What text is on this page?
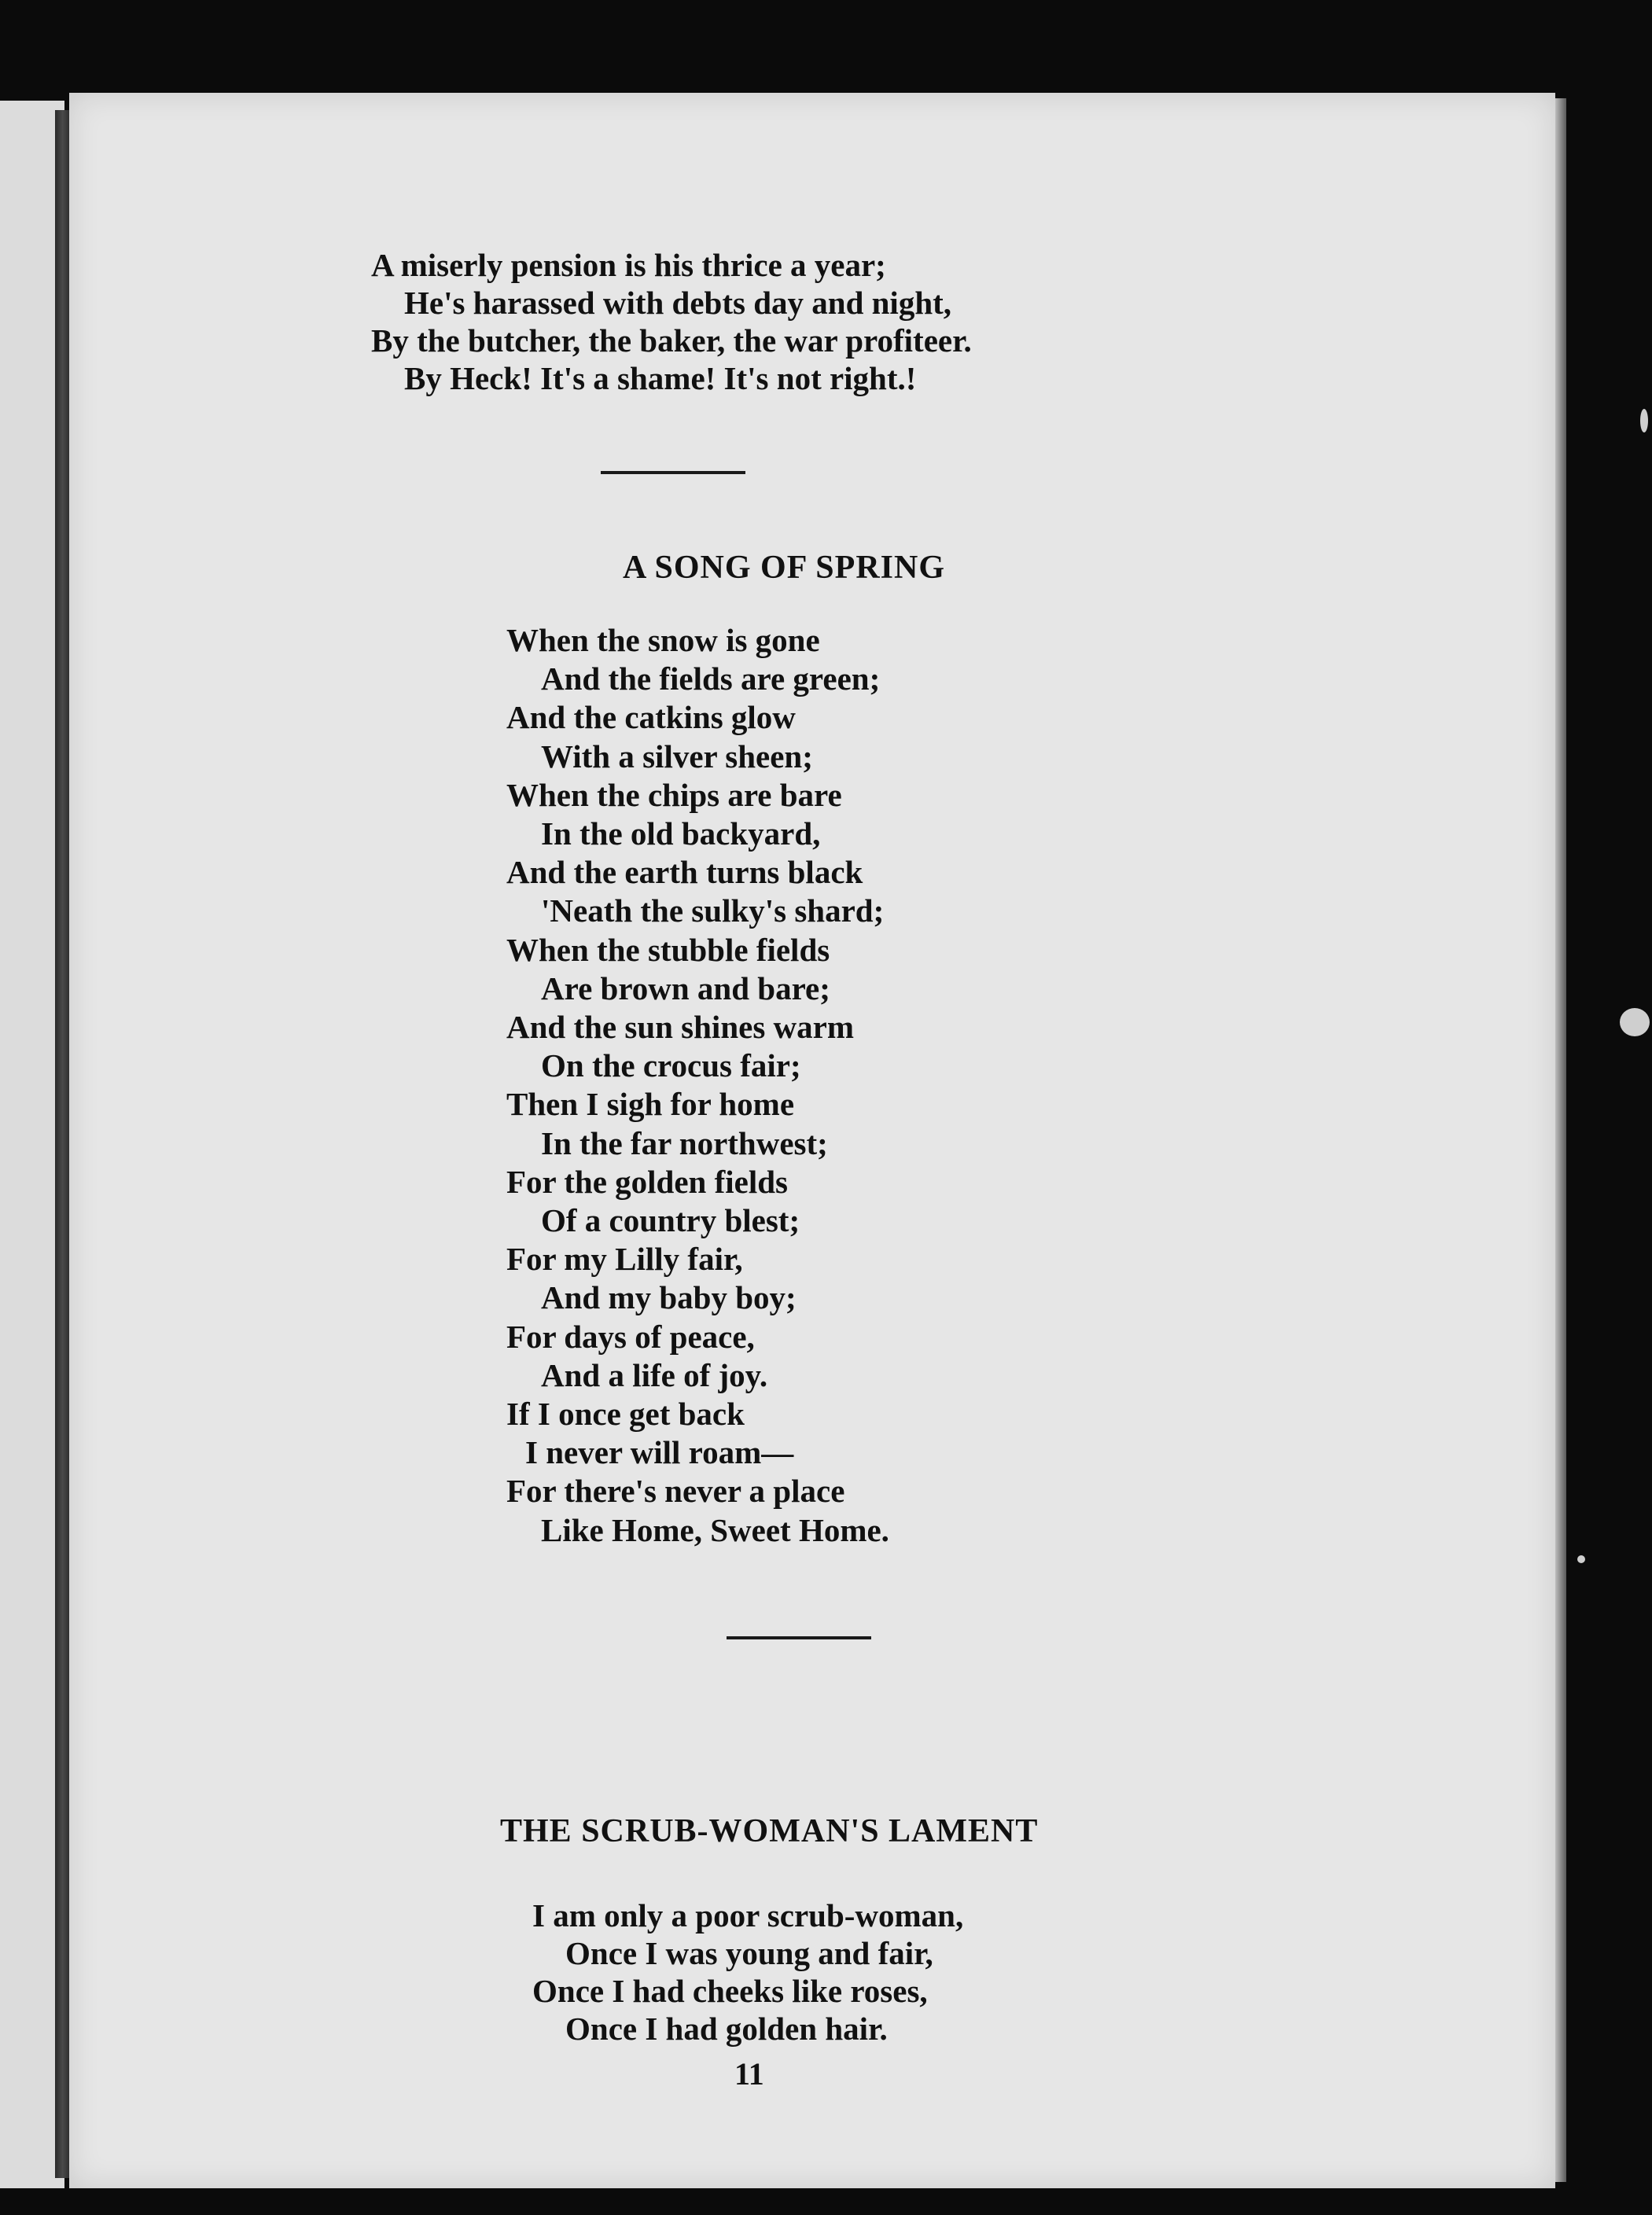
A miserly pension is his thrice a year;
He's harassed with debts day and night,
By the butcher, the baker, the war profiteer.
By Heck! It's a shame! It's not right.!
A SONG OF SPRING
When the snow is gone
And the fields are green;
And the catkins glow
With a silver sheen;
When the chips are bare
In the old backyard,
And the earth turns black
'Neath the sulky's shard;
When the stubble fields
Are brown and bare;
And the sun shines warm
On the crocus fair;
Then I sigh for home
In the far northwest;
For the golden fields
Of a country blest;
For my Lilly fair,
And my baby boy;
For days of peace,
And a life of joy.
If I once get back
I never will roam—
For there's never a place
Like Home, Sweet Home.
THE SCRUB-WOMAN'S LAMENT
I am only a poor scrub-woman,
Once I was young and fair,
Once I had cheeks like roses,
Once I had golden hair.
11
